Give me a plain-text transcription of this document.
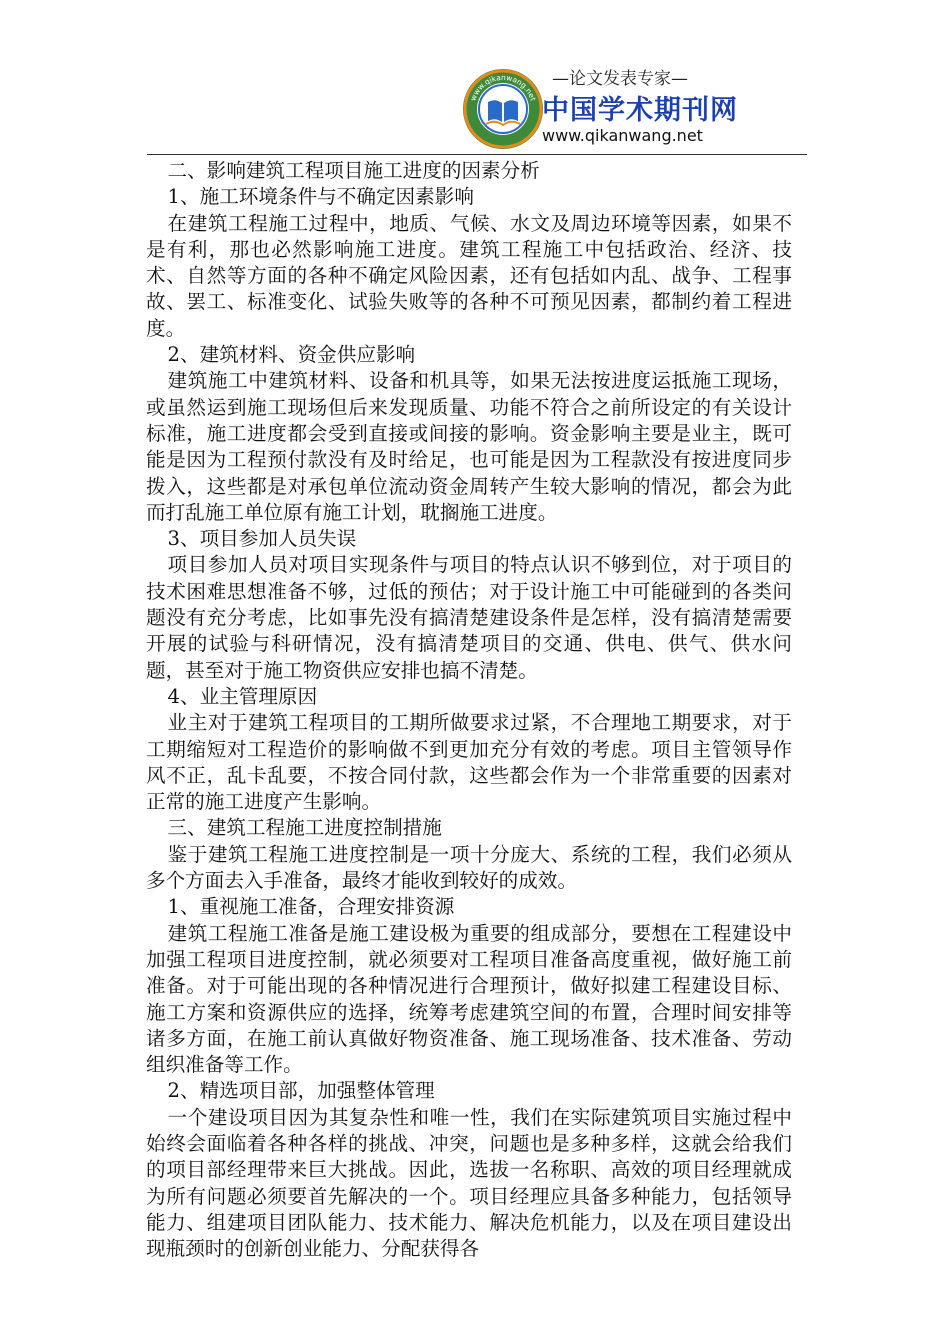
www.qikanwang.net
—论文发表专家—
中国学术期刊网
www.qikanwang.net

二、影响建筑工程项目施工进度的因素分析

1、施工环境条件与不确定因素影响

在建筑工程施工过程中，地质、气候、水文及周边环境等因素，如果不是有利，那也必然影响施工进度。建筑工程施工中包括政治、经济、技术、自然等方面的各种不确定风险因素，还有包括如内乱、战争、工程事故、罢工、标准变化、试验失败等的各种不可预见因素，都制约着工程进度。

2、建筑材料、资金供应影响

建筑施工中建筑材料、设备和机具等，如果无法按进度运抵施工现场，或虽然运到施工现场但后来发现质量、功能不符合之前所设定的有关设计标准，施工进度都会受到直接或间接的影响。资金影响主要是业主，既可能是因为工程预付款没有及时给足，也可能是因为工程款没有按进度同步拨入，这些都是对承包单位流动资金周转产生较大影响的情况，都会为此而打乱施工单位原有施工计划，耽搁施工进度。

3、项目参加人员失误

项目参加人员对项目实现条件与项目的特点认识不够到位，对于项目的技术困难思想准备不够，过低的预估；对于设计施工中可能碰到的各类问题没有充分考虑，比如事先没有搞清楚建设条件是怎样，没有搞清楚需要开展的试验与科研情况，没有搞清楚项目的交通、供电、供气、供水问题，甚至对于施工物资供应安排也搞不清楚。

4、业主管理原因

业主对于建筑工程项目的工期所做要求过紧，不合理地工期要求，对于工期缩短对工程造价的影响做不到更加充分有效的考虑。项目主管领导作风不正，乱卡乱要，不按合同付款，这些都会作为一个非常重要的因素对正常的施工进度产生影响。

三、建筑工程施工进度控制措施

鉴于建筑工程施工进度控制是一项十分庞大、系统的工程，我们必须从多个方面去入手准备，最终才能收到较好的成效。

1、重视施工准备，合理安排资源

建筑工程施工准备是施工建设极为重要的组成部分，要想在工程建设中加强工程项目进度控制，就必须要对工程项目准备高度重视，做好施工前准备。对于可能出现的各种情况进行合理预计，做好拟建工程建设目标、施工方案和资源供应的选择，统筹考虑建筑空间的布置，合理时间安排等诸多方面，在施工前认真做好物资准备、施工现场准备、技术准备、劳动组织准备等工作。

2、精选项目部，加强整体管理

一个建设项目因为其复杂性和唯一性，我们在实际建筑项目实施过程中始终会面临着各种各样的挑战、冲突，问题也是多种多样，这就会给我们的项目部经理带来巨大挑战。因此，选拔一名称职、高效的项目经理就成为所有问题必须要首先解决的一个。项目经理应具备多种能力，包括领导能力、组建项目团队能力、技术能力、解决危机能力，以及在项目建设出现瓶颈时的创新创业能力、分配获得各
